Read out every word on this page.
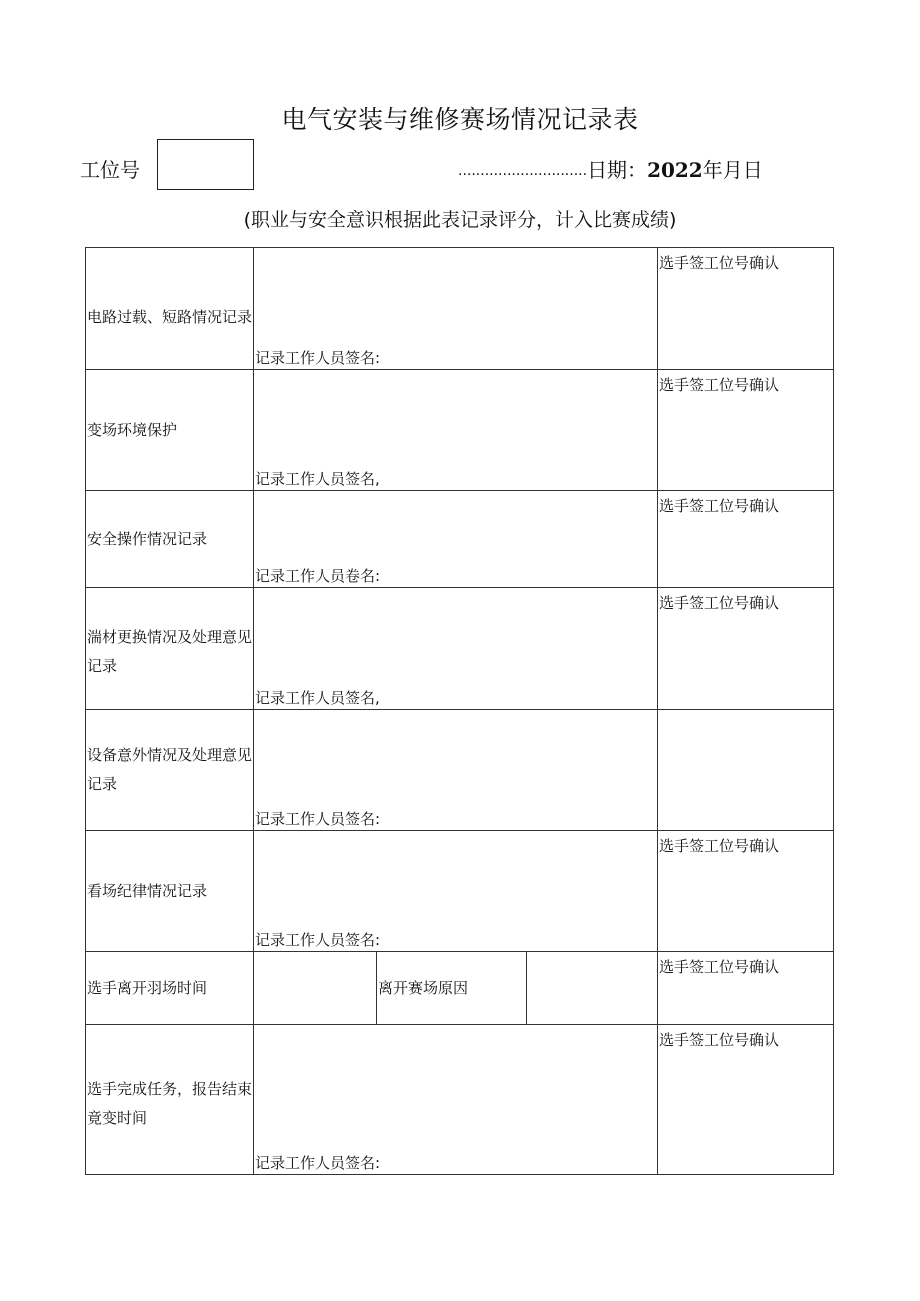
电气安装与维修赛场情况记录表
工位号	.............................日期：2022年月日
(职业与安全意识根据此表记录评分，计入比赛成绩)
电路过载、短路情况记录	记录工作人员签名:			选手签工位号确认

变场环境保护	记录工作人员签名,			选手签工位号确认

安全操作情况记录	记录工作人员卷名:			选手签工位号确认

湍材更换情况及处理意见记录	记录工作人员签名,			选手签工位号确认

设备意外情况及处理意见记录	记录工作人员签名:			

看场纪律情况记录	记录工作人员签名:			选手签工位号确认

选手离开羽场时间		离开赛场原因		选手签工位号确认

选手完成任务，报告结束竟变时间	记录工作人员签名:			选手签工位号确认
